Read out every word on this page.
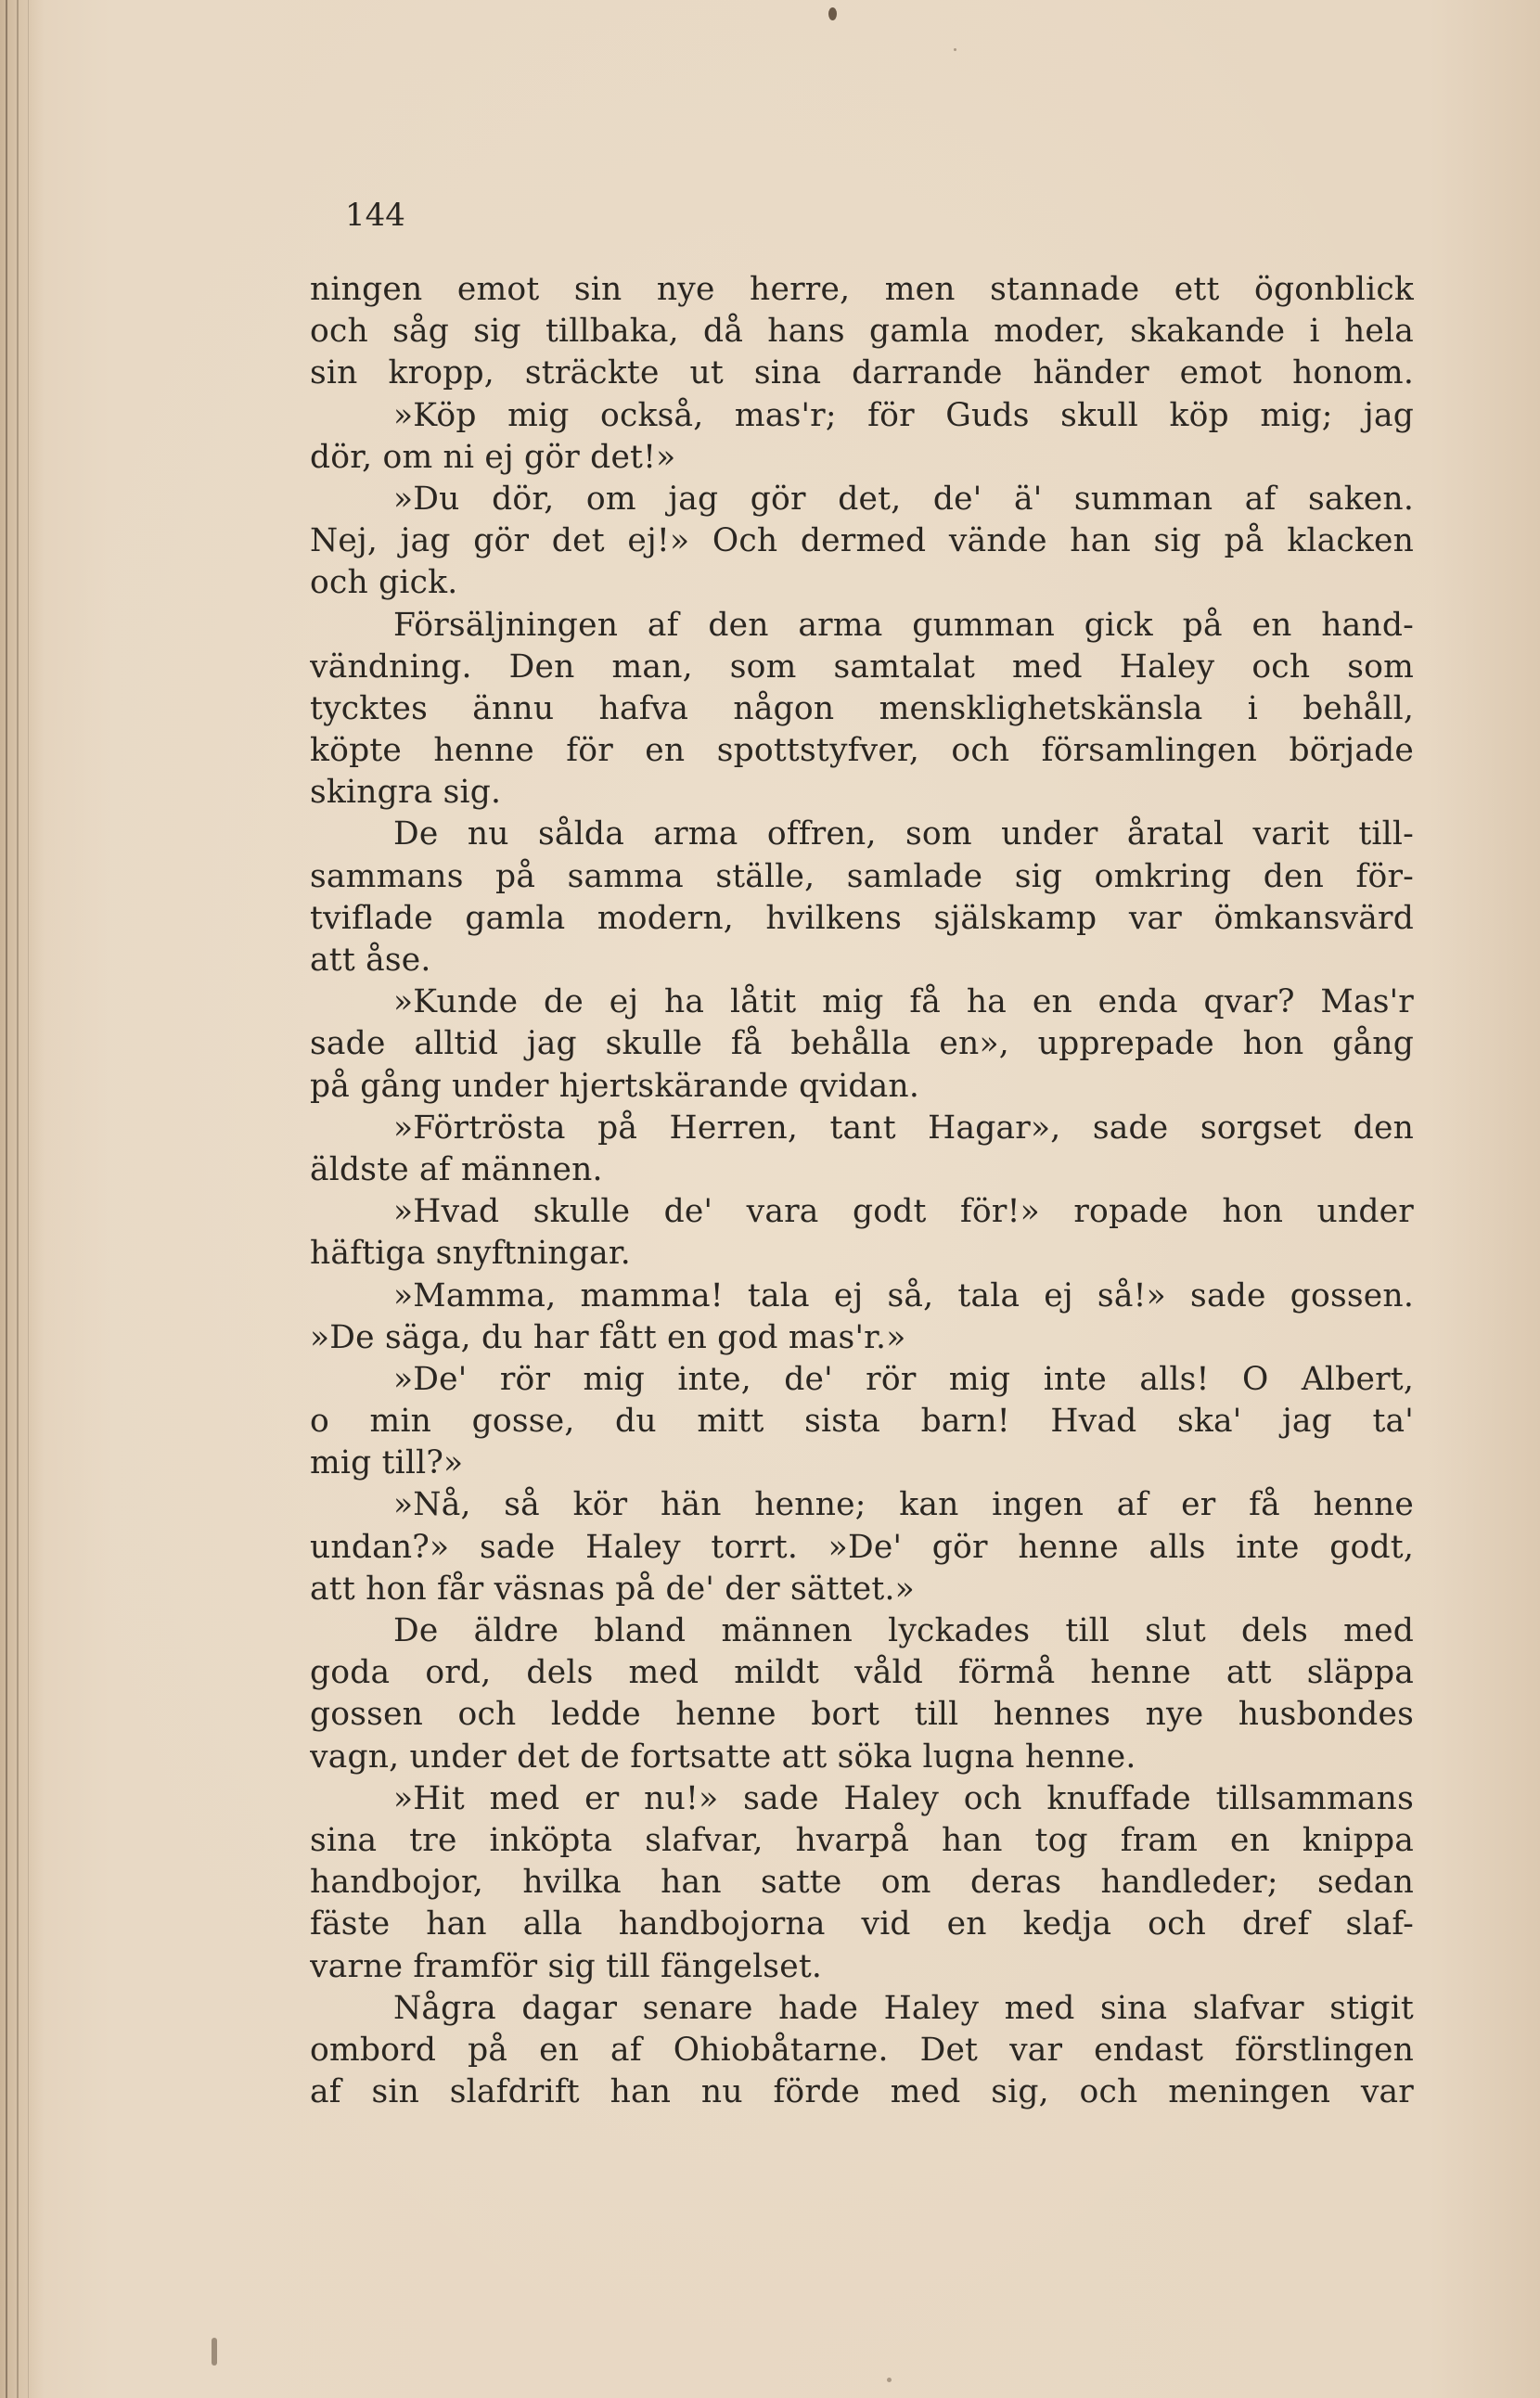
144

ningen emot sin nye herre, men stannade ett ögonblick
och såg sig tillbaka, då hans gamla moder, skakande i hela
sin kropp, sträckte ut sina darrande händer emot honom.
»Köp mig också, mas'r; för Guds skull köp mig; jag
dör, om ni ej gör det!»
»Du dör, om jag gör det, de' ä' summan af saken.
Nej, jag gör det ej!» Och dermed vände han sig på klacken
och gick.
Försäljningen af den arma gumman gick på en hand-
vändning. Den man, som samtalat med Haley och som
tycktes ännu hafva någon mensklighetskänsla i behåll,
köpte henne för en spottstyfver, och församlingen började
skingra sig.
De nu sålda arma offren, som under åratal varit till-
sammans på samma ställe, samlade sig omkring den för-
tviflade gamla modern, hvilkens själskamp var ömkansvärd
att åse.
»Kunde de ej ha låtit mig få ha en enda qvar? Mas'r
sade alltid jag skulle få behålla en», upprepade hon gång
på gång under hjertskärande qvidan.
»Förtrösta på Herren, tant Hagar», sade sorgset den
äldste af männen.
»Hvad skulle de' vara godt för!» ropade hon under
häftiga snyftningar.
»Mamma, mamma! tala ej så, tala ej så!» sade gossen.
»De säga, du har fått en god mas'r.»
»De' rör mig inte, de' rör mig inte alls! O Albert,
o min gosse, du mitt sista barn! Hvad ska' jag ta'
mig till?»
»Nå, så kör hän henne; kan ingen af er få henne
undan?» sade Haley torrt. »De' gör henne alls inte godt,
att hon får väsnas på de' der sättet.»
De äldre bland männen lyckades till slut dels med
goda ord, dels med mildt våld förmå henne att släppa
gossen och ledde henne bort till hennes nye husbondes
vagn, under det de fortsatte att söka lugna henne.
»Hit med er nu!» sade Haley och knuffade tillsammans
sina tre inköpta slafvar, hvarpå han tog fram en knippa
handbojor, hvilka han satte om deras handleder; sedan
fäste han alla handbojorna vid en kedja och dref slaf-
varne framför sig till fängelset.
Några dagar senare hade Haley med sina slafvar stigit
ombord på en af Ohiobåtarne. Det var endast förstlingen
af sin slafdrift han nu förde med sig, och meningen var
